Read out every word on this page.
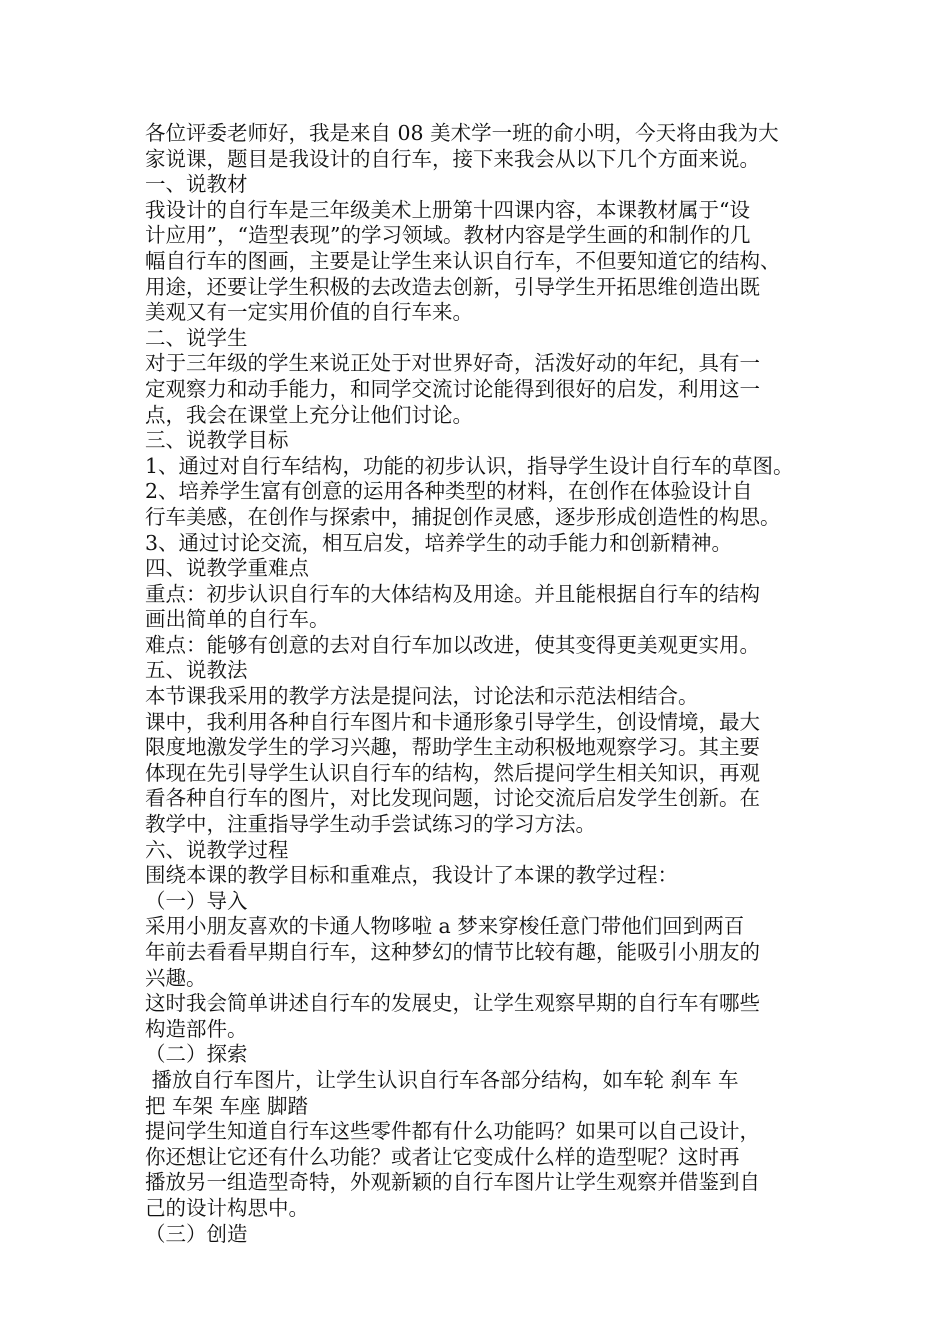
各位评委老师好，我是来自 08 美术学一班的俞小明，今天将由我为大
家说课，题目是我设计的自行车，接下来我会从以下几个方面来说。
一、说教材
我设计的自行车是三年级美术上册第十四课内容，本课教材属于“设
计应用”，“造型表现”的学习领域。教材内容是学生画的和制作的几
幅自行车的图画，主要是让学生来认识自行车，不但要知道它的结构、
用途，还要让学生积极的去改造去创新，引导学生开拓思维创造出既
美观又有一定实用价值的自行车来。
二、说学生
对于三年级的学生来说正处于对世界好奇，活泼好动的年纪，具有一
定观察力和动手能力，和同学交流讨论能得到很好的启发，利用这一
点，我会在课堂上充分让他们讨论。
三、说教学目标
1、通过对自行车结构，功能的初步认识，指导学生设计自行车的草图。
2、培养学生富有创意的运用各种类型的材料，在创作在体验设计自
行车美感，在创作与探索中，捕捉创作灵感，逐步形成创造性的构思。
3、通过讨论交流，相互启发，培养学生的动手能力和创新精神。
四、说教学重难点
重点：初步认识自行车的大体结构及用途。并且能根据自行车的结构
画出简单的自行车。
难点：能够有创意的去对自行车加以改进，使其变得更美观更实用。
五、说教法
本节课我采用的教学方法是提问法，讨论法和示范法相结合。
课中，我利用各种自行车图片和卡通形象引导学生，创设情境，最大
限度地激发学生的学习兴趣，帮助学生主动积极地观察学习。其主要
体现在先引导学生认识自行车的结构，然后提问学生相关知识，再观
看各种自行车的图片，对比发现问题，讨论交流后启发学生创新。在
教学中，注重指导学生动手尝试练习的学习方法。
六、说教学过程
围绕本课的教学目标和重难点，我设计了本课的教学过程：
（一）导入
采用小朋友喜欢的卡通人物哆啦 a 梦来穿梭任意门带他们回到两百
年前去看看早期自行车，这种梦幻的情节比较有趣，能吸引小朋友的
兴趣。
这时我会简单讲述自行车的发展史，让学生观察早期的自行车有哪些
构造部件。
（二）探索
播放自行车图片，让学生认识自行车各部分结构，如车轮 刹车 车
把 车架 车座 脚踏
提问学生知道自行车这些零件都有什么功能吗？如果可以自己设计，
你还想让它还有什么功能？或者让它变成什么样的造型呢？这时再
播放另一组造型奇特，外观新颖的自行车图片让学生观察并借鉴到自
己的设计构思中。
（三）创造
